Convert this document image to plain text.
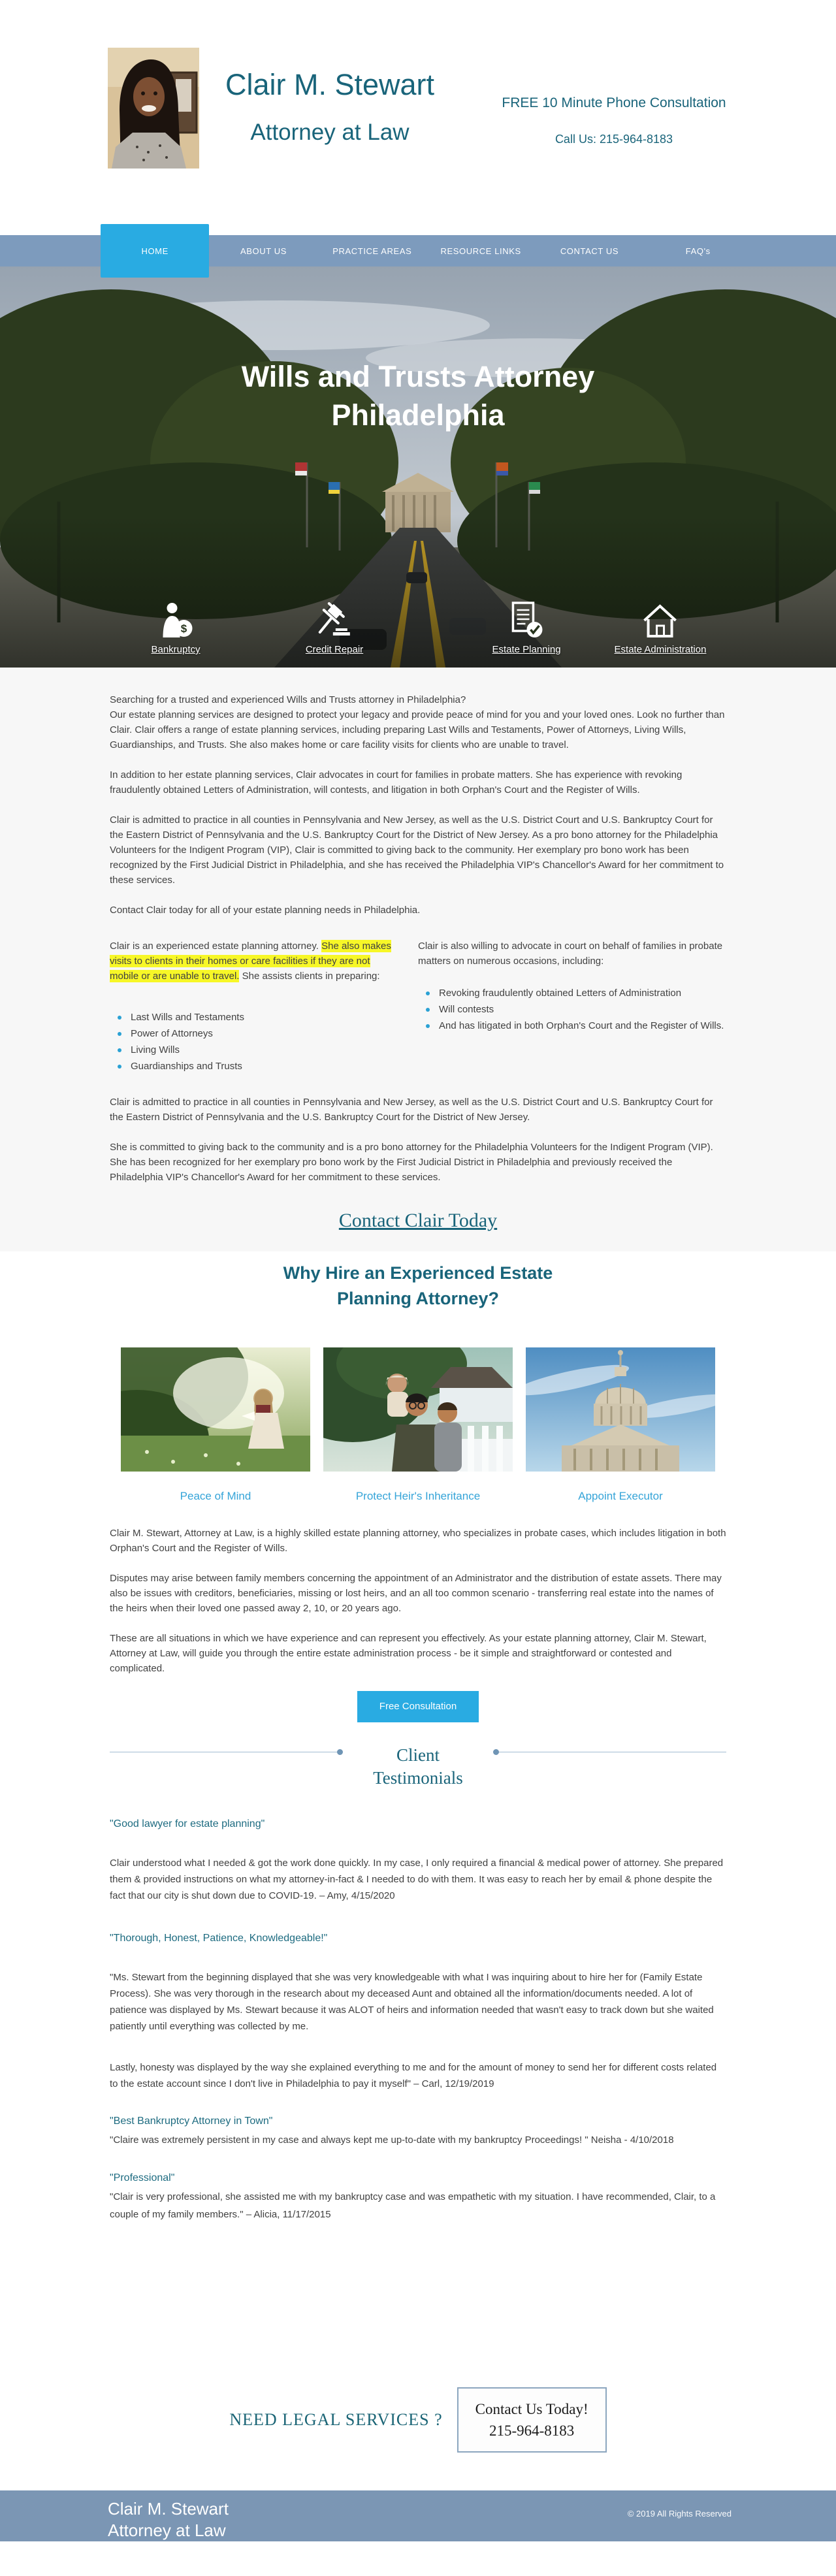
Clair M. Stewart
Attorney at Law
FREE 10 Minute Phone Consultation
Call Us: 215-964-8183
HOME	ABOUT US	PRACTICE AREAS	RESOURCE LINKS	CONTACT US	FAQ's
Wills and Trusts Attorney
Philadelphia
$
Bankruptcy	Credit Repair	Estate Planning	Estate Administration

Searching for a trusted and experienced Wills and Trusts attorney in Philadelphia?
Our estate planning services are designed to protect your legacy and provide peace of mind for you and your loved ones. Look no further than Clair. Clair offers a range of estate planning services, including preparing Last Wills and Testaments, Power of Attorneys, Living Wills, Guardianships, and Trusts. She also makes home or care facility visits for clients who are unable to travel.

In addition to her estate planning services, Clair advocates in court for families in probate matters. She has experience with revoking fraudulently obtained Letters of Administration, will contests, and litigation in both Orphan's Court and the Register of Wills.

Clair is admitted to practice in all counties in Pennsylvania and New Jersey, as well as the U.S. District Court and U.S. Bankruptcy Court for the Eastern District of Pennsylvania and the U.S. Bankruptcy Court for the District of New Jersey. As a pro bono attorney for the Philadelphia Volunteers for the Indigent Program (VIP), Clair is committed to giving back to the community. Her exemplary pro bono work has been recognized by the First Judicial District in Philadelphia, and she has received the Philadelphia VIP's Chancellor's Award for her commitment to these services.

Contact Clair today for all of your estate planning needs in Philadelphia.

Clair is an experienced estate planning attorney. She also makes visits to clients in their homes or care facilities if they are not mobile or are unable to travel. She assists clients in preparing:

Last Wills and Testaments
Power of Attorneys
Living Wills
Guardianships and Trusts

Clair is also willing to advocate in court on behalf of families in probate matters on numerous occasions, including:

Revoking fraudulently obtained Letters of Administration
Will contests
And has litigated in both Orphan's Court and the Register of Wills.

Clair is admitted to practice in all counties in Pennsylvania and New Jersey, as well as the U.S. District Court and U.S. Bankruptcy Court for the Eastern District of Pennsylvania and the U.S. Bankruptcy Court for the District of New Jersey.

She is committed to giving back to the community and is a pro bono attorney for the Philadelphia Volunteers for the Indigent Program (VIP). She has been recognized for her exemplary pro bono work by the First Judicial District in Philadelphia and previously received the Philadelphia VIP's Chancellor's Award for her commitment to these services.

Contact Clair Today
Why Hire an Experienced Estate
Planning Attorney?
Peace of Mind	Protect Heir's Inheritance	Appoint Executor

Clair M. Stewart, Attorney at Law, is a highly skilled estate planning attorney, who specializes in probate cases, which includes litigation in both Orphan's Court and the Register of Wills.

Disputes may arise between family members concerning the appointment of an Administrator and the distribution of estate assets. There may also be issues with creditors, beneficiaries, missing or lost heirs, and an all too common scenario - transferring real estate into the names of the heirs when their loved one passed away 2, 10, or 20 years ago.

These are all situations in which we have experience and can represent you effectively. As your estate planning attorney, Clair M. Stewart, Attorney at Law, will guide you through the entire estate administration process - be it simple and straightforward or contested and complicated.

Free Consultation
Client
Testimonials
"Good lawyer for estate planning"

Clair understood what I needed & got the work done quickly. In my case, I only required a financial & medical power of attorney. She prepared them & provided instructions on what my attorney-in-fact & I needed to do with them. It was easy to reach her by email & phone despite the fact that our city is shut down due to COVID-19. – Amy, 4/15/2020

"Thorough, Honest, Patience, Knowledgeable!"

"Ms. Stewart from the beginning displayed that she was very knowledgeable with what I was inquiring about to hire her for (Family Estate Process). She was very thorough in the research about my deceased Aunt and obtained all the information/documents needed. A lot of patience was displayed by Ms. Stewart because it was ALOT of heirs and information needed that wasn't easy to track down but she waited patiently until everything was collected by me.

Lastly, honesty was displayed by the way she explained everything to me and for the amount of money to send her for different costs related to the estate account since I don't live in Philadelphia to pay it myself" – Carl, 12/19/2019

"Best Bankruptcy Attorney in Town"

"Claire was extremely persistent in my case and always kept me up-to-date with my bankruptcy Proceedings! " Neisha - 4/10/2018

"Professional"

"Clair is very professional, she assisted me with my bankruptcy case and was empathetic with my situation. I have recommended, Clair, to a couple of my family members." – Alicia, 11/17/2015

NEED LEGAL SERVICES ?
Contact Us Today!
215-964-8183
Clair M. Stewart
Attorney at Law
© 2019 All Rights Reserved
